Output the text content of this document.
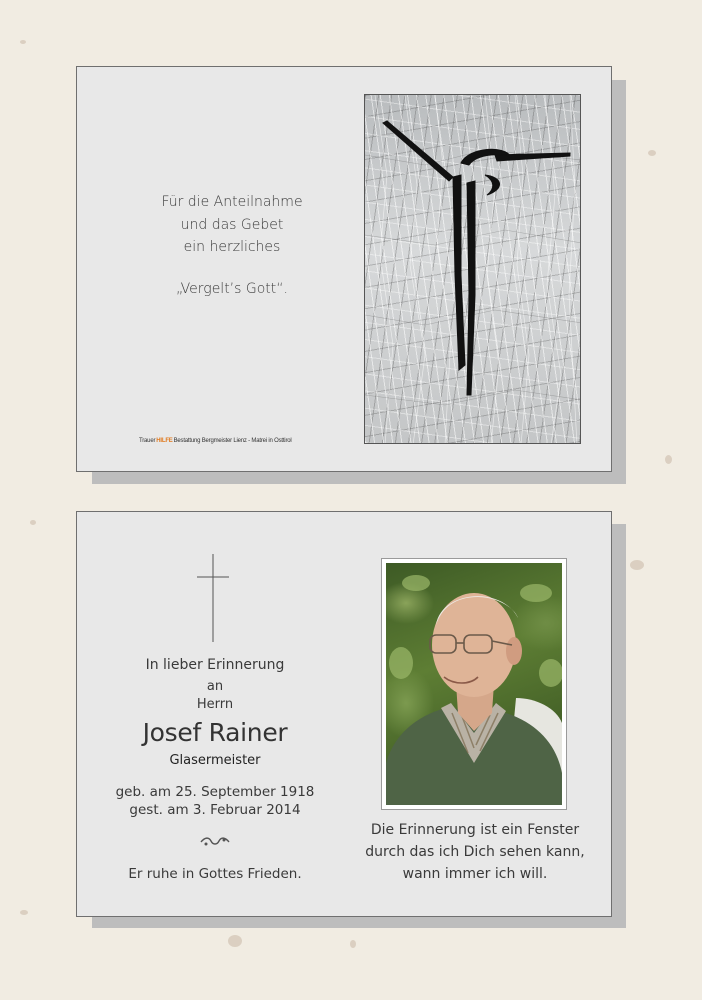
Für die Anteilnahme
und das Gebet
ein herzliches
„Vergelt’s Gott“.
TrauerHILFEBestattung Bergmeister Lienz - Matrei in Osttirol
In lieber Erinnerung
an
Herrn
Josef Rainer
Glasermeister
geb. am 25. September 1918
gest. am 3. Februar 2014
Er ruhe in Gottes Frieden.
Die Erinnerung ist ein Fenster
durch das ich Dich sehen kann,
wann immer ich will.
